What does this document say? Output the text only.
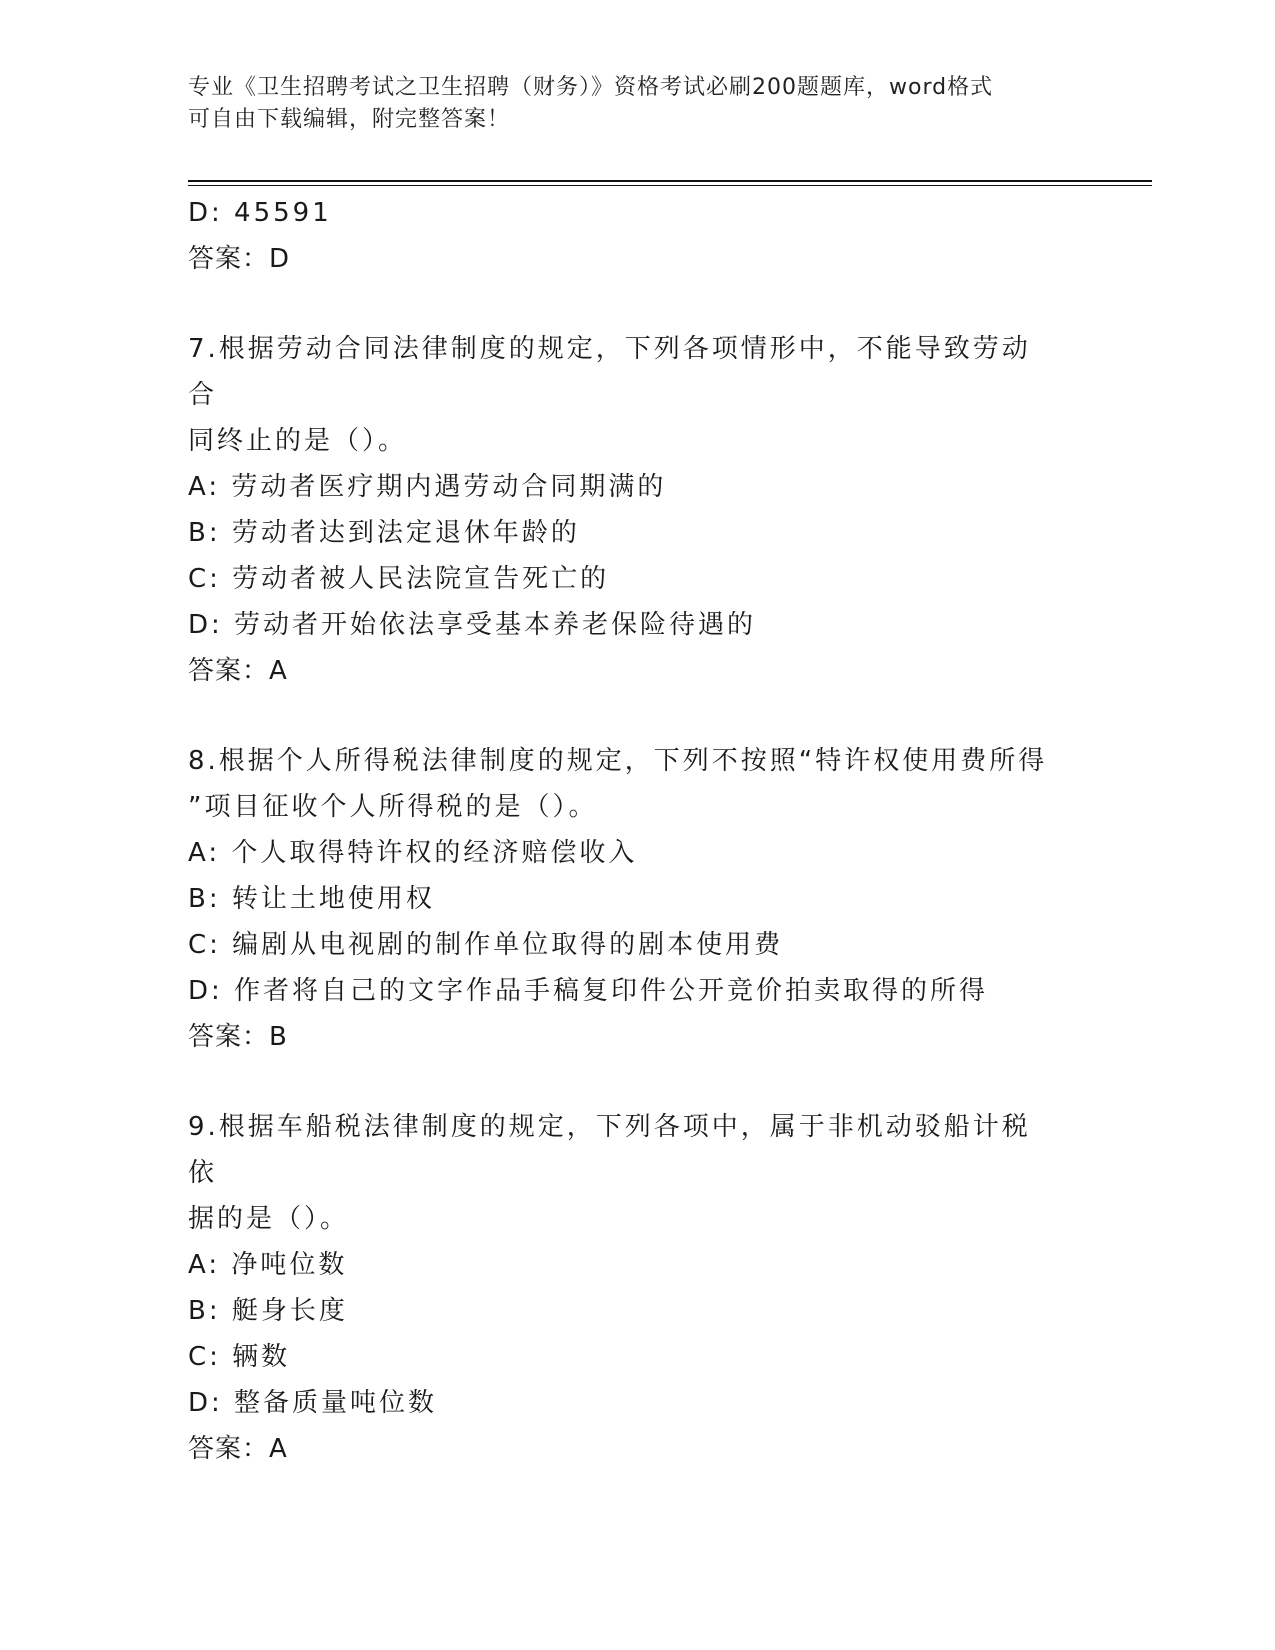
专业《卫生招聘考试之卫生招聘（财务）》资格考试必刷200题题库，word格式
可自由下载编辑，附完整答案！
D: 45591
答案：D
7.根据劳动合同法律制度的规定，下列各项情形中，不能导致劳动合
同终止的是（）。
A: 劳动者医疗期内遇劳动合同期满的
B: 劳动者达到法定退休年龄的
C: 劳动者被人民法院宣告死亡的
D: 劳动者开始依法享受基本养老保险待遇的
答案：A
8.根据个人所得税法律制度的规定，下列不按照“特许权使用费所得
”项目征收个人所得税的是（）。
A: 个人取得特许权的经济赔偿收入
B: 转让土地使用权
C: 编剧从电视剧的制作单位取得的剧本使用费
D: 作者将自己的文字作品手稿复印件公开竞价拍卖取得的所得
答案：B
9.根据车船税法律制度的规定，下列各项中，属于非机动驳船计税依
据的是（）。
A: 净吨位数
B: 艇身长度
C: 辆数
D: 整备质量吨位数
答案：A
